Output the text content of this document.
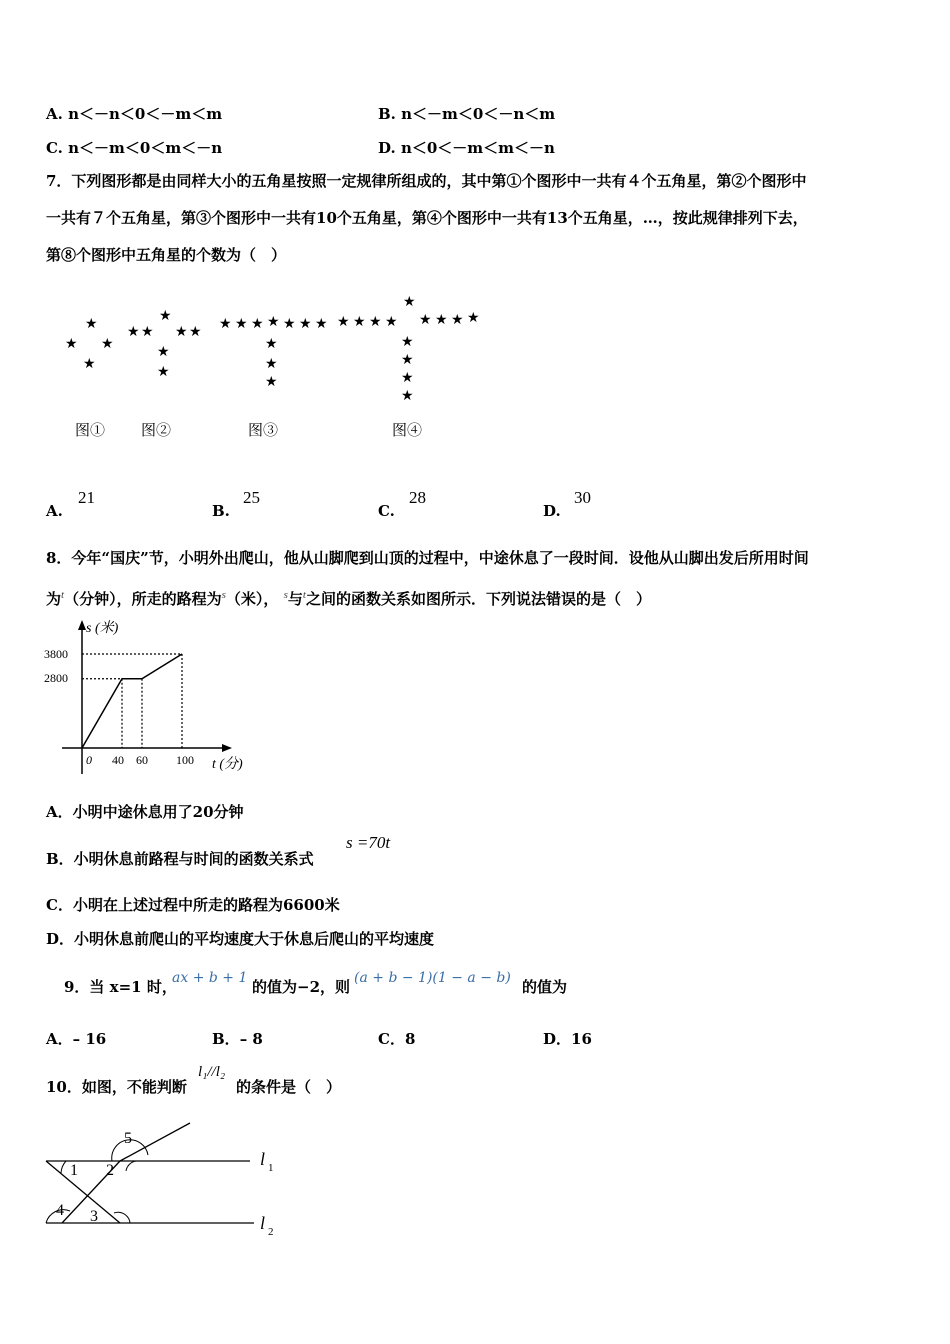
A. n＜－n＜0＜－m＜m	B. n＜－m＜0＜－n＜m
C. n＜－m＜0＜m＜－n	D. n＜0＜－m＜m＜－n
7．下列图形都是由同样大小的五角星按照一定规律所组成的，其中第①个图形中一共有４个五角星，第②个图形中
一共有７个五角星，第③个图形中一共有10个五角星，第④个图形中一共有13个五角星，…，按此规律排列下去，
第⑧个图形中五角星的个数为（　）
★
★ ★
★
★ ★
★
★ ★
★
★
★ ★ ★ ★ ★ ★ ★
★
★
★
★ ★ ★ ★
★
★ ★ ★ ★
★
★
★
★
图① 图②	图③	图④
A.
21
B.
25
C.
28
D.
30
8．今年“国庆”节，小明外出爬山，他从山脚爬到山顶的过程中，中途休息了一段时间．设他从山脚出发后所用时间
为$^t$（分钟），所走的路程为$^s$（米）， $^s$与$^t$之间的函数关系如图所示．下列说法错误的是（　）
s (米)
t (分)
0 40 60 100
2800
3800
A．小明中途休息用了20分钟
B．小明休息前路程与时间的函数关系式
s =70t
C．小明在上述过程中所走的路程为6600米
D．小明休息前爬山的平均速度大于休息后爬山的平均速度
9．当 x=1 时，
ax + b + 1 的值为−2，则 (a + b − 1)(1 − a − b) 的值为
A．– 16	B．– 8	C．8	D．16
10．如图，不能判断
l₁//l₂
的条件是（　）
1 2
3
4
5
l 1
l 2
